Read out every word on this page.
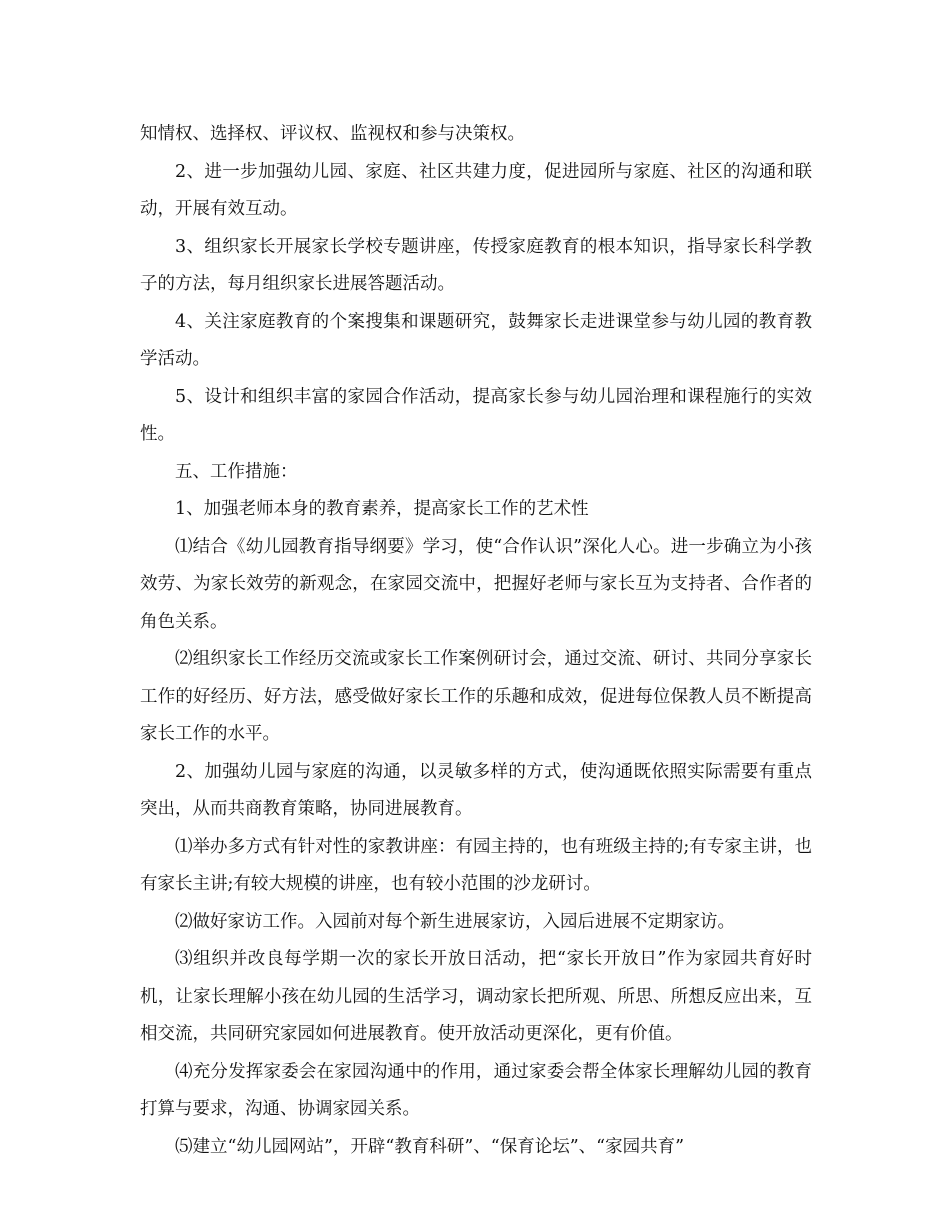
知情权、选择权、评议权、监视权和参与决策权。

2、进一步加强幼儿园、家庭、社区共建力度，促进园所与家庭、社区的沟通和联动，开展有效互动。

3、组织家长开展家长学校专题讲座，传授家庭教育的根本知识，指导家长科学教子的方法，每月组织家长进展答题活动。

4、关注家庭教育的个案搜集和课题研究，鼓舞家长走进课堂参与幼儿园的教育教学活动。

5、设计和组织丰富的家园合作活动，提高家长参与幼儿园治理和课程施行的实效性。

五、工作措施：

1、加强老师本身的教育素养，提高家长工作的艺术性

⑴结合《幼儿园教育指导纲要》学习，使“合作认识”深化人心。进一步确立为小孩效劳、为家长效劳的新观念，在家园交流中，把握好老师与家长互为支持者、合作者的角色关系。

⑵组织家长工作经历交流或家长工作案例研讨会，通过交流、研讨、共同分享家长工作的好经历、好方法，感受做好家长工作的乐趣和成效，促进每位保教人员不断提高家长工作的水平。

2、加强幼儿园与家庭的沟通，以灵敏多样的方式，使沟通既依照实际需要有重点突出，从而共商教育策略，协同进展教育。

⑴举办多方式有针对性的家教讲座：有园主持的，也有班级主持的;有专家主讲，也有家长主讲;有较大规模的讲座，也有较小范围的沙龙研讨。

⑵做好家访工作。入园前对每个新生进展家访，入园后进展不定期家访。

⑶组织并改良每学期一次的家长开放日活动，把“家长开放日”作为家园共育好时机，让家长理解小孩在幼儿园的生活学习，调动家长把所观、所思、所想反应出来，互相交流，共同研究家园如何进展教育。使开放活动更深化，更有价值。

⑷充分发挥家委会在家园沟通中的作用，通过家委会帮全体家长理解幼儿园的教育打算与要求，沟通、协调家园关系。

⑸建立“幼儿园网站”，开辟“教育科研”、“保育论坛”、“家园共育”
